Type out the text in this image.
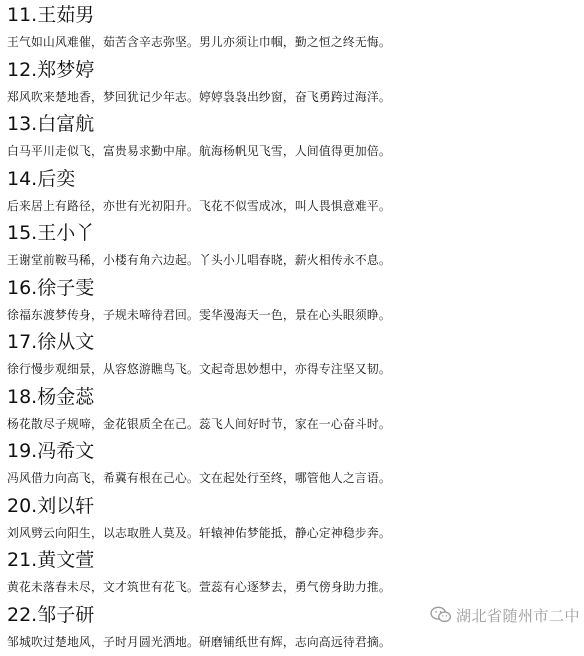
11.王茹男
王气如山风难催，茹苦含辛志弥坚。男儿亦须让巾帼，勤之恒之终无悔。
12.郑梦婷
郑风吹来楚地香，梦回犹记少年志。婷婷袅袅出纱窗，奋飞勇跨过海洋。
13.白富航
白马平川走似飞，富贵易求勤中扉。航海杨帆见飞雪，人间值得更加倍。
14.后奕
后来居上有路径，亦世有光初阳升。飞花不似雪成冰，叫人畏惧意难平。
15.王小丫
王谢堂前鞍马稀，小楼有角六边起。丫头小儿唱春晓，薪火相传永不息。
16.徐子雯
徐福东渡梦传身，子规未啼待君回。雯华漫海天一色，景在心头眼须睁。
17.徐从文
徐行慢步观细景，从容悠游瞧鸟飞。文起奇思妙想中，亦得专注坚又韧。
18.杨金蕊
杨花散尽子规啼，金花银质全在己。蕊飞人间好时节，家在一心奋斗时。
19.冯希文
冯风借力向高飞，希冀有根在己心。文在起处行至终，哪管他人之言语。
20.刘以轩
刘风劈云向阳生，以志取胜人莫及。轩辕神佑梦能抵，静心定神稳步奔。
21.黄文萱
黄花未落春未尽，文才筑世有花飞。萱蕊有心逐梦去，勇气傍身助力推。
22.邹子研
邹城吹过楚地风，子时月圆光洒地。研磨铺纸世有辉，志向高远待君摘。
湖北省随州市二中
